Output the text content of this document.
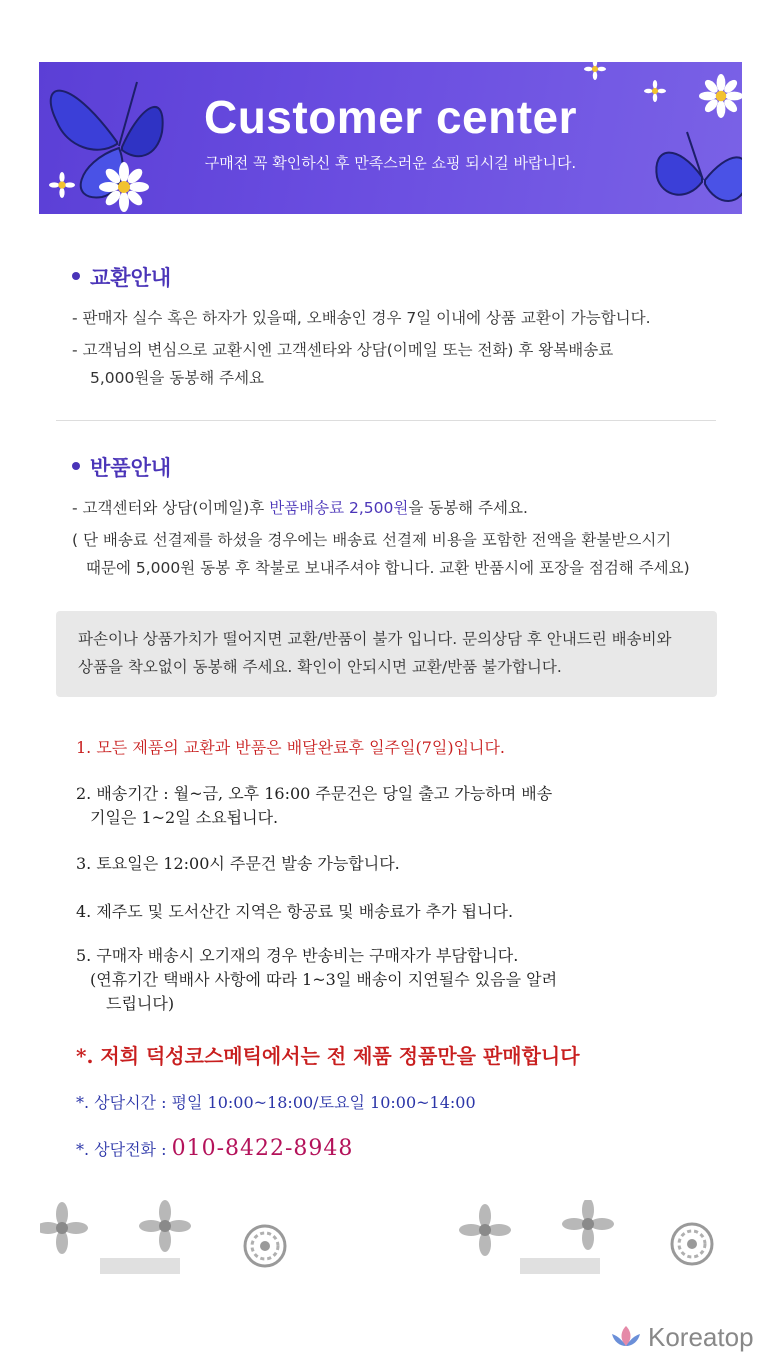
Customer center
구매전 꼭 확인하신 후 만족스러운 쇼핑 되시길 바랍니다.
교환안내
- 판매자 실수 혹은 하자가 있을때, 오배송인 경우 7일 이내에 상품 교환이 가능합니다.
- 고객님의 변심으로 교환시엔 고객센타와 상담(이메일 또는 전화) 후 왕복배송료
5,000원을 동봉해 주세요
반품안내
- 고객센터와 상담(이메일)후 반품배송료 2,500원을 동봉해 주세요.
( 단 배송료 선결제를 하셨을 경우에는 배송료 선결제 비용을 포함한 전액을 환불받으시기
때문에 5,000원 동봉 후 착불로 보내주셔야 합니다. 교환 반품시에 포장을 점검해 주세요)
파손이나 상품가치가 떨어지면 교환/반품이 불가 입니다. 문의상담 후 안내드린 배송비와
상품을 착오없이 동봉해 주세요. 확인이 안되시면 교환/반품 불가합니다.
1. 모든 제품의 교환과 반품은 배달완료후 일주일(7일)입니다.
2. 배송기간 : 월~금, 오후 16:00 주문건은 당일 출고 가능하며 배송
기일은 1~2일 소요됩니다.
3. 토요일은 12:00시 주문건 발송 가능합니다.
4. 제주도 및 도서산간 지역은 항공료 및 배송료가 추가 됩니다.
5. 구매자 배송시 오기재의 경우 반송비는 구매자가 부담합니다.
(연휴기간 택배사 사항에 따라 1~3일 배송이 지연될수 있음을 알려
드립니다)
*. 저희 덕성코스메틱에서는 전 제품 정품만을 판매합니다
*. 상담시간 : 평일 10:00~18:00/토요일 10:00~14:00
*. 상담전화 : 010-8422-8948
Koreatop
